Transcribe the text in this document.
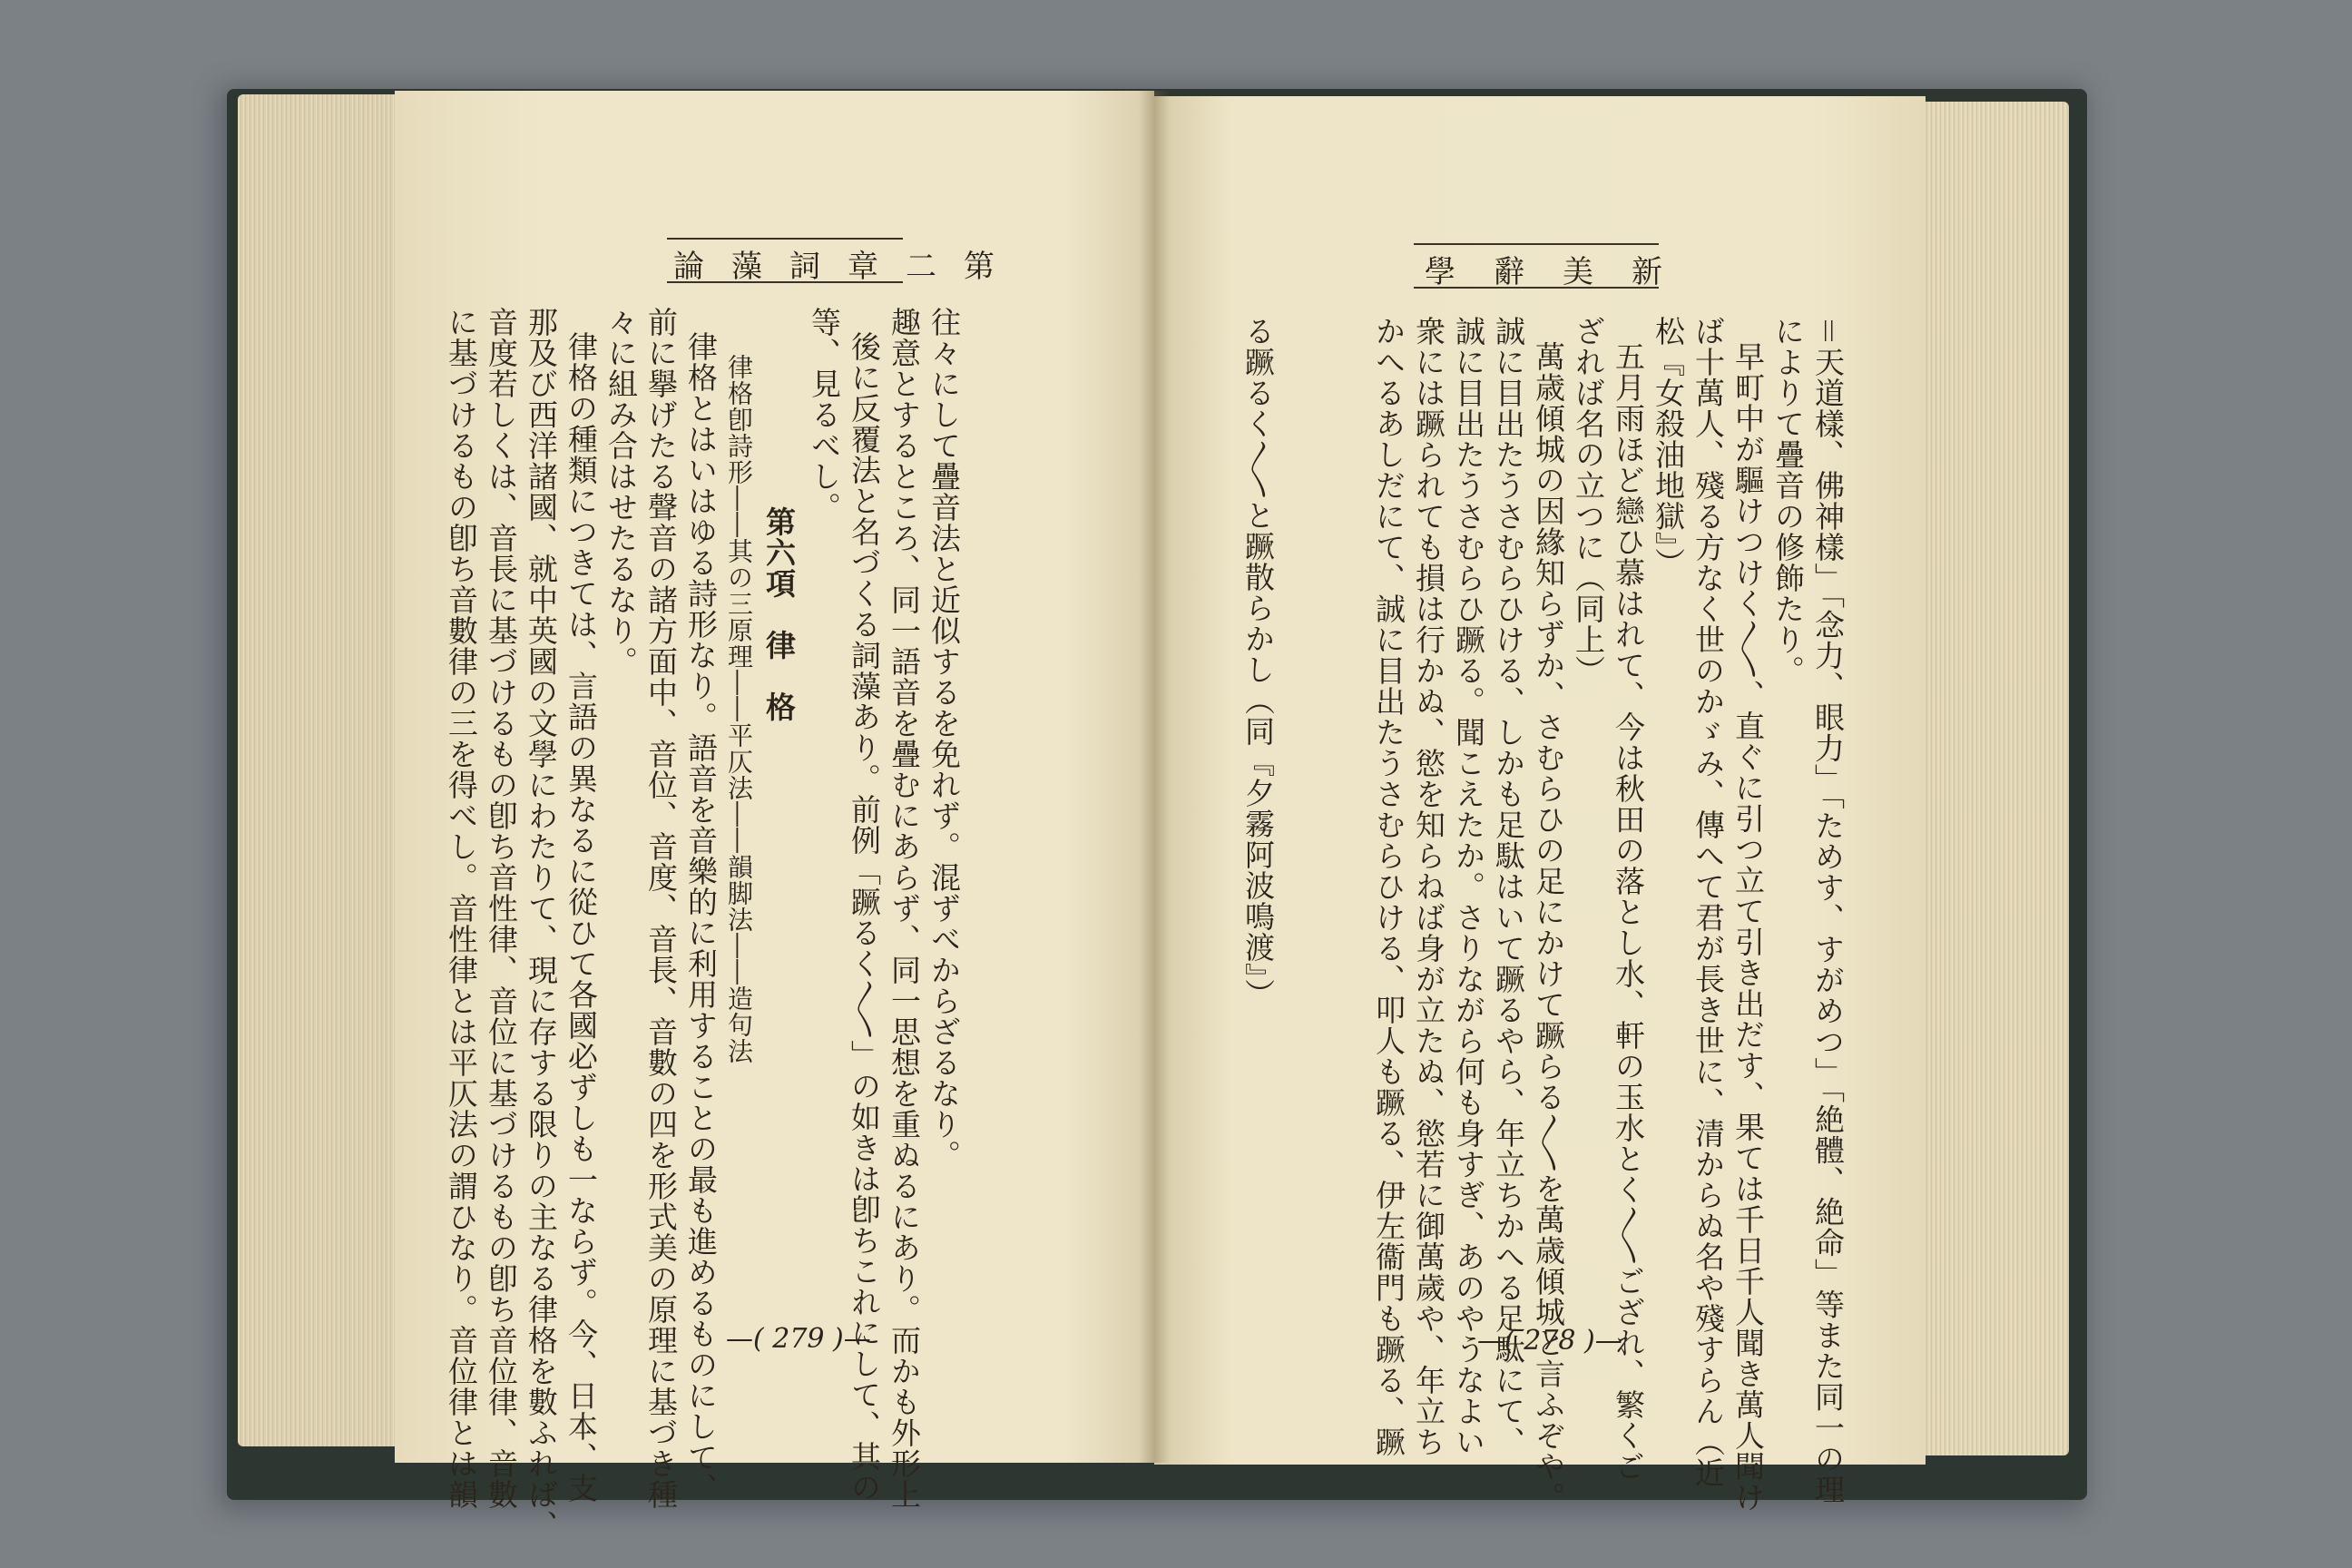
論藻詞章二第
往々にして疊音法と近似するを免れず。混ずべからざるなり。
趣意とするところ、同一語音を疊むにあらず、同一思想を重ぬるにあり。而かも外形上
後に反覆法と名づくる詞藻あり。前例「蹶るく〳〵」の如きは卽ちこれにして、其の
等、見るべし。
第六項　律　格
律格卽詩形――其の三原理――平仄法――韻脚法――造句法
律格とはいはゆる詩形なり。語音を音樂的に利用することの最も進めるものにして、
前に擧げたる聲音の諸方面中、音位、音度、音長、音數の四を形式美の原理に基づき種
々に組み合はせたるなり。
律格の種類につきては、言語の異なるに從ひて各國必ずしも一ならず。今、日本、支
那及び西洋諸國、就中英國の文學にわたりて、現に存する限りの主なる律格を數ふれば、
音度若しくは、音長に基づけるもの卽ち音性律、音位に基づけるもの卽ち音位律、音數
に基づけるもの卽ち音數律の三を得べし。音性律とは平仄法の謂ひなり。音位律とは韻	—( 279 )—
學辭美新
＝天道樣、佛神樣」「念力、眼力」「ためす、すがめつ」「絶體、絶命」等また同一の理
によりて疊音の修飾たり。
早町中が驅けつけく〳〵、直ぐに引つ立て引き出だす、果ては千日千人聞き萬人聞け
ば十萬人、殘る方なく世のかゞみ、傳へて君が長き世に、清からぬ名や殘すらん（近
松『女殺油地獄』）
五月雨ほど戀ひ慕はれて、今は秋田の落とし水、軒の玉水とく〳〵ござれ、繁くご
ざれば名の立つに（同上）
萬歳傾城の因緣知らずか、さむらひの足にかけて蹶らる〳〵を萬歳傾城と言ふぞや。
誠に目出たうさむらひける、しかも足駄はいて蹶るやら、年立ちかへる足駄にて、
誠に目出たうさむらひ蹶る。聞こえたか。さりながら何も身すぎ、あのやうなよい
衆には蹶られても損は行かぬ、慾を知らねば身が立たぬ、慾若に御萬歲や、年立ち
かへるあしだにて、誠に目出たうさむらひける、叩人も蹶る、伊左衞門も蹶る、蹶
る蹶るく〳〵と蹶散らかし（同『夕霧阿波鳴渡』）
—( 278 )—
